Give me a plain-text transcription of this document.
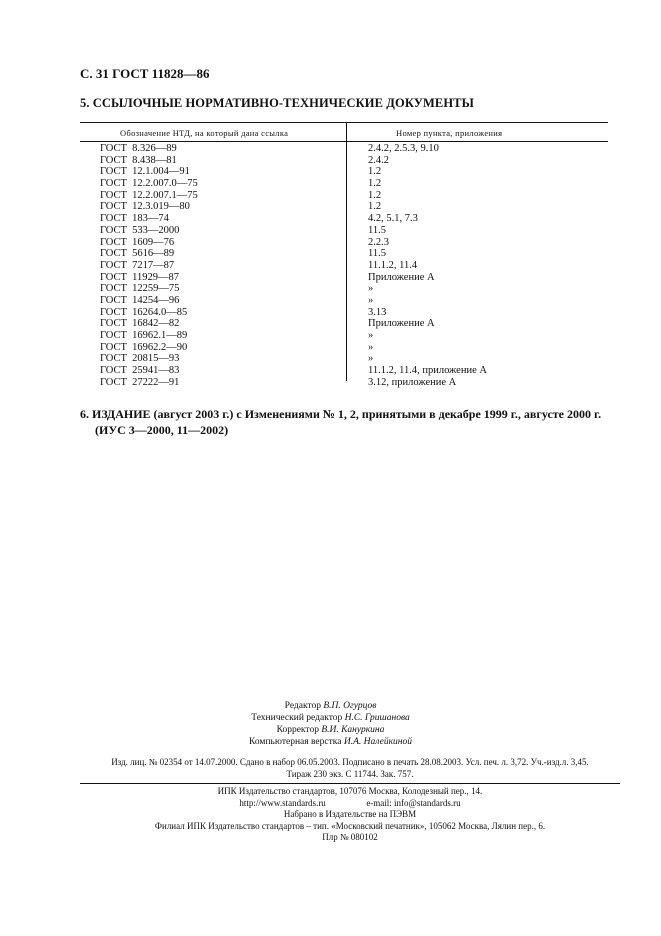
С. 31 ГОСТ 11828—86
5. ССЫЛОЧНЫЕ НОРМАТИВНО-ТЕХНИЧЕСКИЕ ДОКУМЕНТЫ
Обозначение НТД, на который дана ссылка	Номер пункта, приложения
ГОСТ  8.326—89	2.4.2, 2.5.3, 9.10
ГОСТ  8.438—81	2.4.2
ГОСТ  12.1.004—91	1.2
ГОСТ  12.2.007.0—75	1.2
ГОСТ  12.2.007.1—75	1.2
ГОСТ  12.3.019—80	1.2
ГОСТ  183—74	4.2, 5.1, 7.3
ГОСТ  533—2000	11.5
ГОСТ  1609—76	2.2.3
ГОСТ  5616—89	11.5
ГОСТ  7217—87	11.1.2, 11.4
ГОСТ  11929—87	Приложение А
ГОСТ  12259—75	»
ГОСТ  14254—96	»
ГОСТ  16264.0—85	3.13
ГОСТ  16842—82	Приложение А
ГОСТ  16962.1—89	»
ГОСТ  16962.2—90	»
ГОСТ  20815—93	»
ГОСТ  25941—83	11.1.2, 11.4, приложение А
ГОСТ  27222—91	3.12, приложение А
6. ИЗДАНИЕ (август 2003 г.) с Изменениями № 1, 2, принятыми в декабре 1999 г., августе 2000 г.
(ИУС 3—2000, 11—2002)
Редактор В.П. Огурцов
Технический редактор Н.С. Гришанова
Корректор В.И. Кануркина
Компьютерная верстка И.А. Налейкиной
Изд. лиц. № 02354 от 14.07.2000. Сдано в набор 06.05.2003. Подписано в печать 28.08.2003. Усл. печ. л. 3,72. Уч.-изд.л. 3,45.
Тираж 230 экз. С 11744. Зак. 757.
ИПК Издательство стандартов, 107076 Москва, Колодезный пер., 14.
http://www.standards.ru	e-mail: info@standards.ru
Набрано в Издательстве на ПЭВМ
Филиал ИПК Издательство стандартов – тип. «Московский печатник», 105062 Москва, Лялин пер., 6.
Плр № 080102
